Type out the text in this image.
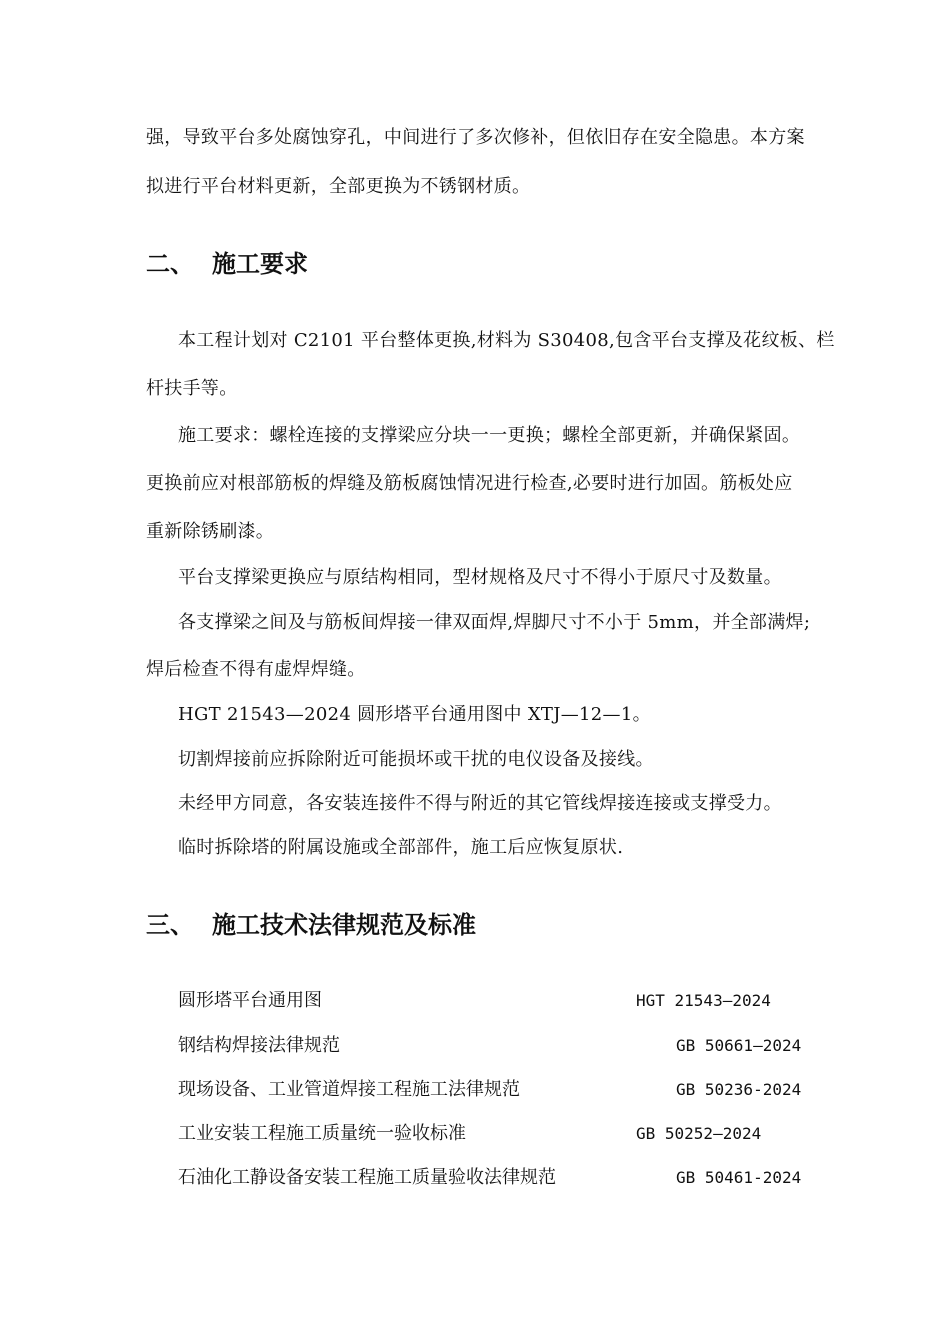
强，导致平台多处腐蚀穿孔，中间进行了多次修补，但依旧存在安全隐患。本方案
拟进行平台材料更新，全部更换为不锈钢材质。
二、 施工要求
本工程计划对 C2101 平台整体更换,材料为 S30408,包含平台支撑及花纹板、栏
杆扶手等。
施工要求：螺栓连接的支撑梁应分块一一更换；螺栓全部更新，并确保紧固。
更换前应对根部筋板的焊缝及筋板腐蚀情况进行检查,必要时进行加固。筋板处应
重新除锈刷漆。
平台支撑梁更换应与原结构相同，型材规格及尺寸不得小于原尺寸及数量。
各支撑梁之间及与筋板间焊接一律双面焊,焊脚尺寸不小于 5mm，并全部满焊;
焊后检查不得有虚焊焊缝。
HGT 21543—2024 圆形塔平台通用图中 XTJ—12—1。
切割焊接前应拆除附近可能损坏或干扰的电仪设备及接线。
未经甲方同意，各安装连接件不得与附近的其它管线焊接连接或支撑受力。
临时拆除塔的附属设施或全部部件，施工后应恢复原状.
三、 施工技术法律规范及标准
圆形塔平台通用图	HGT 21543—2024
钢结构焊接法律规范	GB 50661—2024
现场设备、工业管道焊接工程施工法律规范	GB 50236-2024
工业安装工程施工质量统一验收标准	GB 50252—2024
石油化工静设备安装工程施工质量验收法律规范	GB 50461-2024
